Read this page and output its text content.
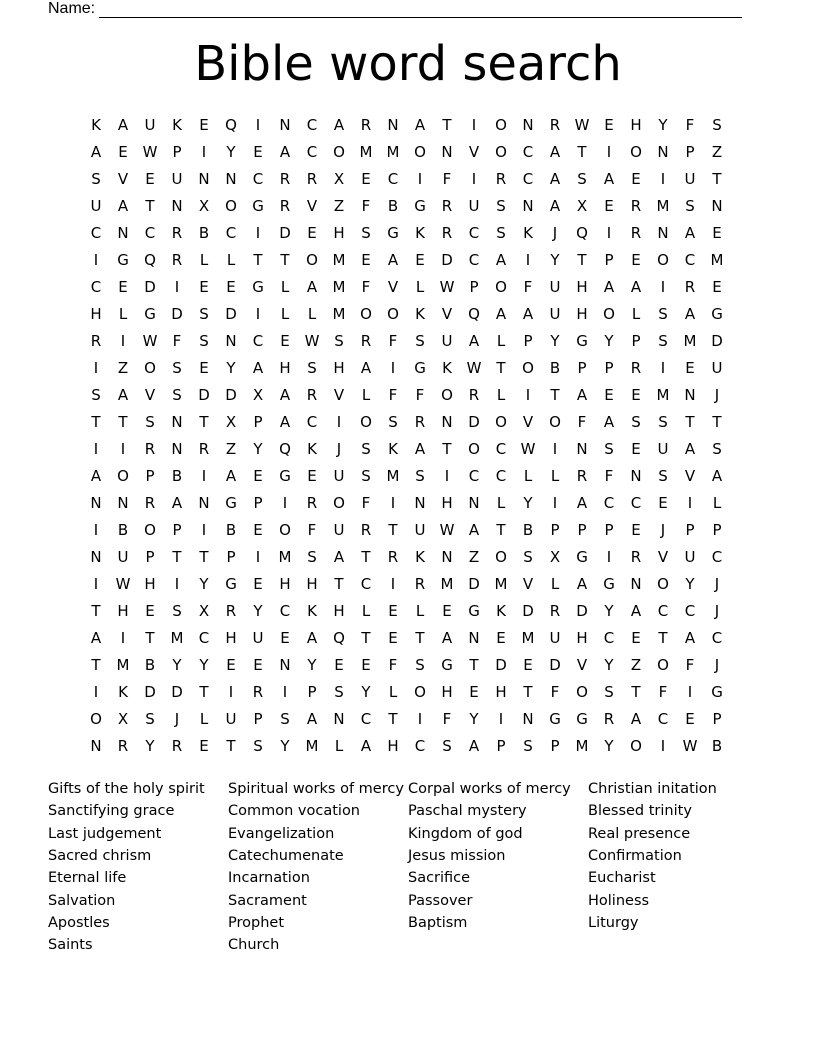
Name:
Bible word search
K	A	U	K	E	Q	I	N	C	A	R	N	A	T	I	O	N	R W E	H	Y	F	S
A	E W	P	I	Y	E	A	C	O M M O	N	V	O	C	A	T	I	O	N	P	Z
S	V	E	U	N	N	C	R	R	X	E	C	I	F	I	R	C	A	S	A	E	I	U	T
U	A	T	N	X	O	G	R	V	Z	F	B	G	R	U	S	N	A	X	E	R	M	S	N
C	N	C	R	B	C	I	D	E	H	S	G	K	R	C	S	K	J	Q	I	R	N	A	E
I	G	Q	R	L	L	T	T	O M	E	A	E	D	C	A	I	Y	T	P	E	O	C	M
C	E	D	I	E	E	G	L	A	M	F	V	L	W	P	O	F	U	H	A	A	I	R	E
H	L	G	D	S	D	I	L	L	M O	O	K	V	Q	A	A	U	H	O	L	S	A	G
R	I	W	F	S	N	C	E W S	R	F	S	U	A	L	P	Y	G	Y	P	S	M D
I	Z	O	S	E	Y	A	H	S	H	A	I	G	K W T	O	B	P	P	R	I	E	U
S	A	V	S	D	D	X	A	R	V	L	F	F	O	R	L	I	T	A	E	E	M N	J
T	T	S	N	T	X	P	A	C	I	O	S	R	N	D	O	V	O	F	A	S	S	T	T
I	I	R	N	R	Z	Y	Q	K	J	S	K	A	T	O	C W	I	N	S	E	U	A	S
A	O	P	B	I	A	E	G	E	U	S	M	S	I	C	C	L	L	R	F	N	S	V	A
N	N	R	A	N	G	P	I	R	O	F	I	N	H	N	L	Y	I	A	C	C	E	I	L
I	B	O	P	I	B	E	O	F	U	R	T	U W A	T	B	P	P	P	E	J	P	P
N	U	P	T	T	P	I	M	S	A	T	R	K	N	Z	O	S	X	G	I	R	V	U	C
I	W H	I	Y	G	E	H	H	T	C	I	R	M D M	V	L	A	G	N	O	Y	J
T	H	E	S	X	R	Y	C	K	H	L	E	L	E	G	K	D	R	D	Y	A	C	C	J
A	I	T	M	C	H	U	E	A	Q	T	E	T	A	N	E	M	U	H	C	E	T	A	C
T	M	B	Y	Y	E	E	N	Y	E	E	F	S	G	T	D	E	D	V	Y	Z	O	F	J
I	K	D	D	T	I	R	I	P	S	Y	L	O	H	E	H	T	F	O	S	T	F	I	G
O	X	S	J	L	U	P	S	A	N	C	T	I	F	Y	I	N	G	G	R	A	C	E	P
N	R	Y	R	E	T	S	Y	M	L	A	H	C	S	A	P	S	P	M	Y	O	I	W B
Gifts of the holy spirit
Sanctifying grace
Last judgement
Sacred chrism
Eternal life
Salvation
Apostles
Saints
Spiritual works of mercy
Common vocation
Evangelization
Catechumenate
Incarnation
Sacrament
Prophet
Church
Corpal works of mercy
Paschal mystery
Kingdom of god
Jesus mission
Sacrifice
Passover
Baptism
Christian initation
Blessed trinity
Real presence
Confirmation
Eucharist
Holiness
Liturgy
